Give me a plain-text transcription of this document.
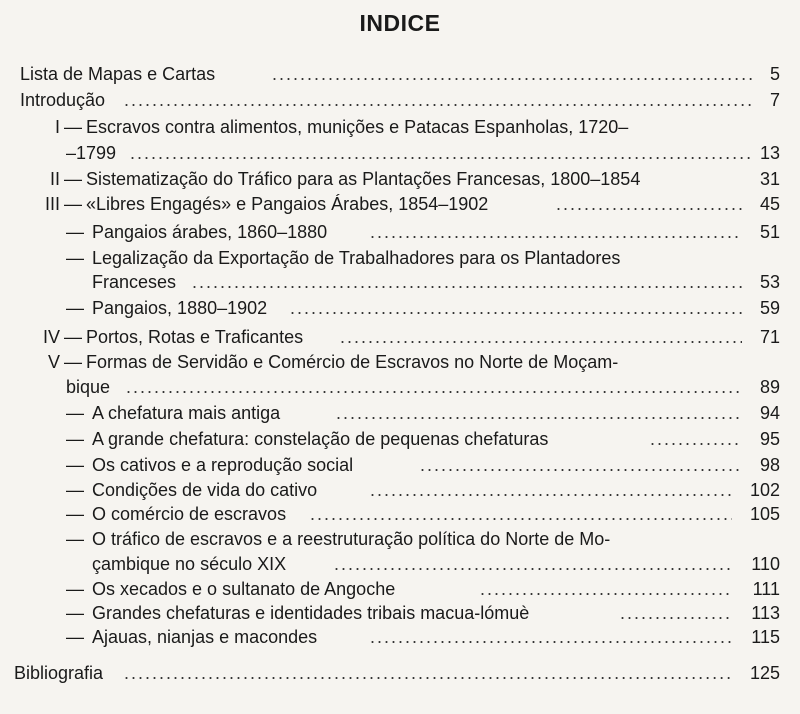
INDICE
Lista de Mapas e Cartas .....	5
Introdução .....	7
I — Escravos contra alimentos, munições e Patacas Espanholas, 1720–
–1799 .....	13
II — Sistematização do Tráfico para as Plantações Francesas, 1800–1854	31
III — «Libres Engagés» e Pangaios Árabes, 1854–1902 .....	45
— Pangaios árabes, 1860–1880 .....	51
— Legalização da Exportação de Trabalhadores para os Plantadores
Franceses .....	53
— Pangaios, 1880–1902 .....	59
IV — Portos, Rotas e Traficantes .....	71
V — Formas de Servidão e Comércio de Escravos no Norte de Moçam-
bique .....	89
— A chefatura mais antiga .....	94
— A grande chefatura: constelação de pequenas chefaturas .....	95
— Os cativos e a reprodução social .....	98
— Condições de vida do cativo .....	102
— O comércio de escravos .....	105
— O tráfico de escravos e a reestruturação política do Norte de Mo-
çambique no século XIX .....	110
— Os xecados e o sultanato de Angoche .....	111
— Grandes chefaturas e identidades tribais macua-lómuè .....	113
— Ajauas, nianjas e macondes .....	115
Bibliografia .....	125
